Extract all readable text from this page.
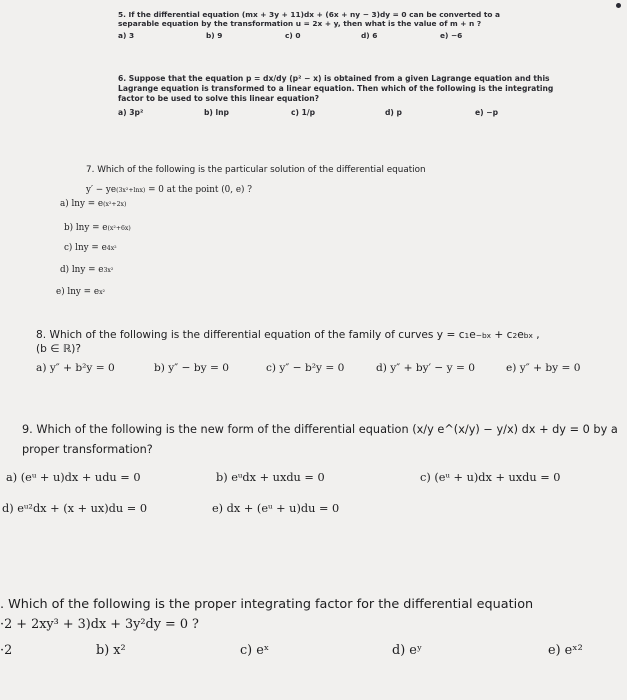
5. If the differential equation (mx + 3y + 11)dx + (6x + ny − 3)dy = 0 can be converted to a
separable equation by the transformation u = 2x + y, then what is the value of m + n ?
a) 3	b) 9	c) 0	d) 6	e) −6
6. Suppose that the equation p = dx/dy (p² − x) is obtained from a given Lagrange equation and this
Lagrange equation is transformed to a linear equation. Then which of the following is the integrating
factor to be used to solve this linear equation?
a) 3p²	b) lnp	c) 1/p	d) p	e) −p
7. Which of the following is the particular solution of the differential equation
$y' - ye^{(3x^2+lnx)} = 0$ at the point (0, e) ?
a) $\ln y = e^{(x^2+2x)}$
b) $\ln y = e^{(x^2+6x)}$
c) $\ln y = e^{4x^2}$
d) $\ln y = e^{3x^2}$
e) $\ln y = e^{x^2}$
8. Which of the following is the differential equation of the family of curves $y = c_1e^{-bx} + c_2e^{bx}$ ,
(b ∈ ℝ)?
a) y″ + b²y = 0	b) y″ − by = 0	c) y″ − b²y = 0	d) y″ + by′ − y = 0	e) y″ + by = 0
9. Which of the following is the new form of the differential equation (x/y e^(x/y) − y/x) dx + dy = 0 by a
proper transformation?
a) (eᵘ + u)dx + udu = 0	b) eᵘdx + uxdu = 0	c) (eᵘ + u)dx + uxdu = 0
d) eᵘ²dx + (x + ux)du = 0	e) dx + (eᵘ + u)du = 0
. Which of the following is the proper integrating factor for the differential equation
·2 + 2xy³ + 3)dx + 3y²dy = 0 ?
·2	b) x²	c) eˣ	d) eʸ	e) eˣ²
